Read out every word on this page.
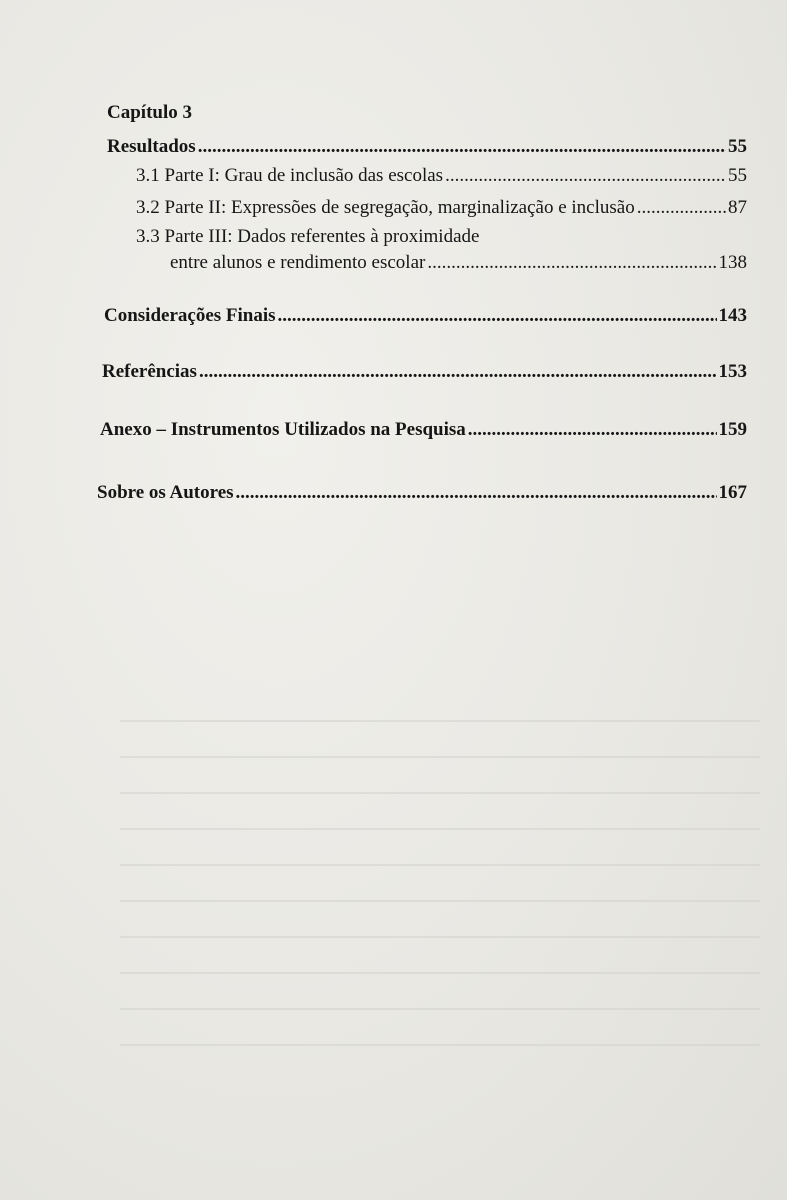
Capítulo 3
Resultados .....	55
3.1 Parte I: Grau de inclusão das escolas .....	55
3.2 Parte II: Expressões de segregação, marginalização e inclusão .....	87
3.3 Parte III: Dados referentes à proximidade
entre alunos e rendimento escolar .....	138
Considerações Finais .....	143
Referências .....	153
Anexo – Instrumentos Utilizados na Pesquisa .....	159
Sobre os Autores .....	167
